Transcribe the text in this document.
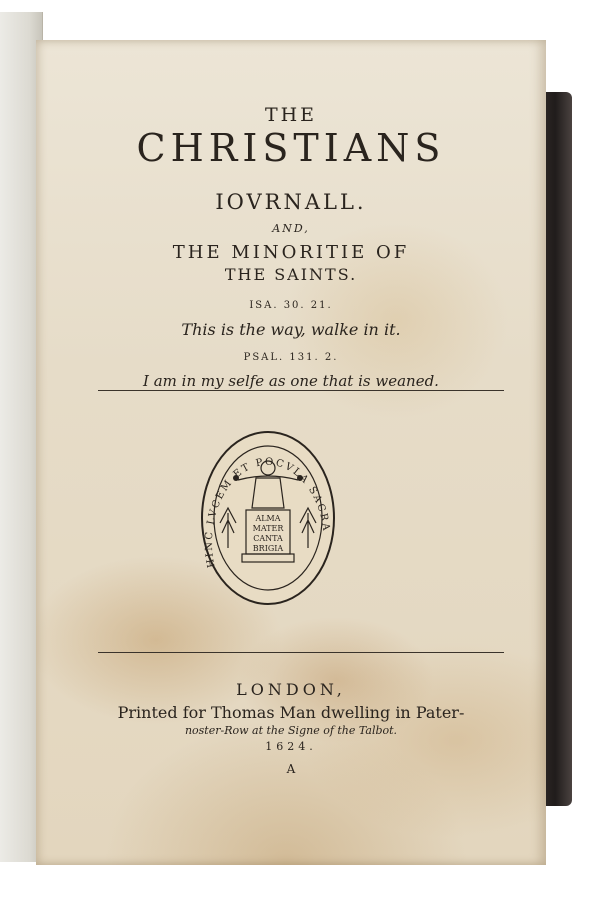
THE
CHRISTIANS
IOVRNALL.
AND,
THE MINORITIE OF
THE SAINTS.
ISA. 30. 21.
This is the way, walke in it.
PSAL. 131. 2.
I am in my selfe as one that is weaned.
ALMA
MATER
CANTA
BRIGIA
HINC LVCEM ET POCVLA SACRA
LONDON,
Printed for Thomas Man dwelling in Pater-
noster-Row at the Signe of the Talbot.
1624.
A
